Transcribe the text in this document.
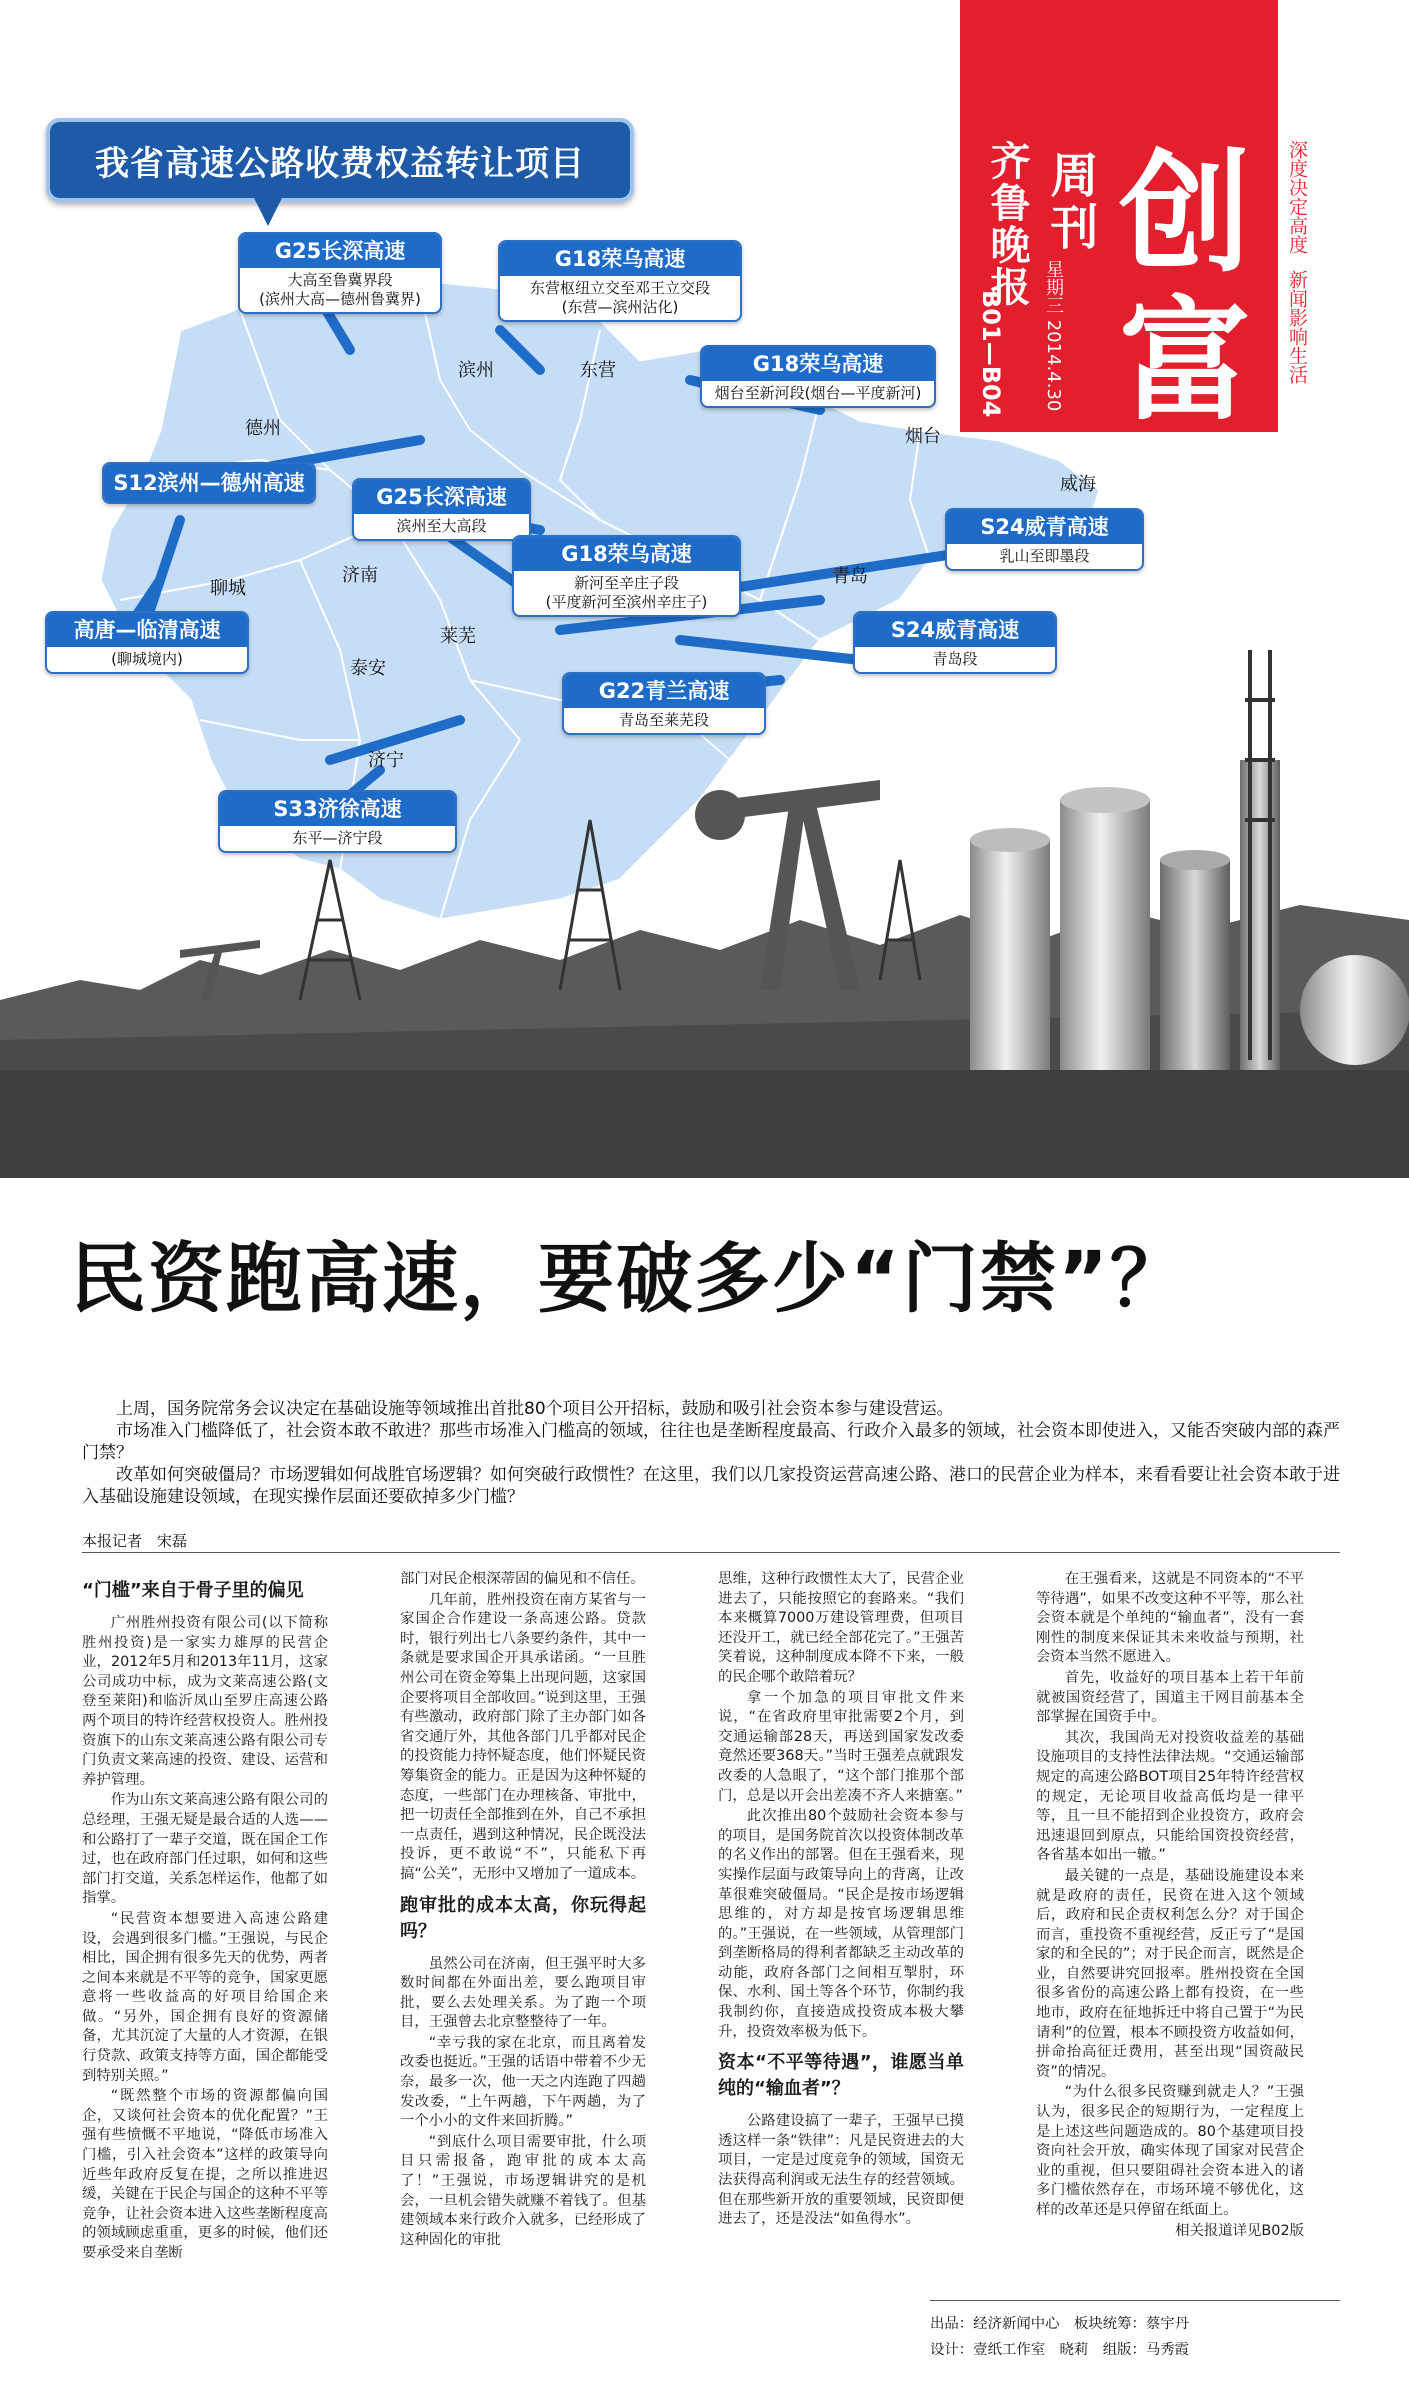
我省高速公路收费权益转让项目
G25长深高速
大高至鲁冀界段
(滨州大高—德州鲁冀界)
G18荣乌高速
东营枢纽立交至邓王立交段
(东营—滨州沾化)
G18荣乌高速
烟台至新河段(烟台—平度新河)
S12滨州—德州高速
G25长深高速
滨州至大高段
G18荣乌高速
新河至辛庄子段
(平度新河至滨州辛庄子)
S24威青高速
乳山至即墨段
高唐—临清高速
(聊城境内)
S24威青高速
青岛段
G22青兰高速
青岛至莱芜段
S33济徐高速
东平—济宁段
滨州	东营
德州	烟台
威海
聊城
济南	青岛
莱芜
泰安
济宁
齐鲁晚报
B01—B04
周刊
星期三 2014.4.30
创富
深度决定高度 新闻影响生活
民资跑高速，要破多少“门禁”？

上周，国务院常务会议决定在基础设施等领域推出首批80个项目公开招标，鼓励和吸引社会资本参与建设营运。

市场准入门槛降低了，社会资本敢不敢进？那些市场准入门槛高的领域，往往也是垄断程度最高、行政介入最多的领域，社会资本即使进入，又能否突破内部的森严门禁？

改革如何突破僵局？市场逻辑如何战胜官场逻辑？如何突破行政惯性？在这里，我们以几家投资运营高速公路、港口的民营企业为样本，来看看要让社会资本敢于进入基础设施建设领域，在现实操作层面还要砍掉多少门槛？

本报记者　宋磊
“门槛”来自于骨子里的偏见

广州胜州投资有限公司(以下简称胜州投资)是一家实力雄厚的民营企业，2012年5月和2013年11月，这家公司成功中标，成为文莱高速公路(文登至莱阳)和临沂凤山至罗庄高速公路两个项目的特许经营权投资人。胜州投资旗下的山东文莱高速公路有限公司专门负责文莱高速的投资、建设、运营和养护管理。

作为山东文莱高速公路有限公司的总经理，王强无疑是最合适的人选——和公路打了一辈子交道，既在国企工作过，也在政府部门任过职，如何和这些部门打交道，关系怎样运作，他都了如指掌。

“民营资本想要进入高速公路建设，会遇到很多门槛。”王强说，与民企相比，国企拥有很多先天的优势，两者之间本来就是不平等的竞争，国家更愿意将一些收益高的好项目给国企来做。“另外，国企拥有良好的资源储备，尤其沉淀了大量的人才资源，在银行贷款、政策支持等方面，国企都能受到特别关照。”

“既然整个市场的资源都偏向国企，又谈何社会资本的优化配置？”王强有些愤慨不平地说，“降低市场准入门槛，引入社会资本”这样的政策导向近些年政府反复在提，之所以推进迟缓，关键在于民企与国企的这种不平等竞争，让社会资本进入这些垄断程度高的领域顾虑重重，更多的时候，他们还要承受来自垄断

部门对民企根深蒂固的偏见和不信任。

几年前，胜州投资在南方某省与一家国企合作建设一条高速公路。贷款时，银行列出七八条要约条件，其中一条就是要求国企开具承诺函。“一旦胜州公司在资金筹集上出现问题，这家国企要将项目全部收回。”说到这里，王强有些激动，政府部门除了主办部门如各省交通厅外，其他各部门几乎都对民企的投资能力持怀疑态度，他们怀疑民资筹集资金的能力。正是因为这种怀疑的态度，一些部门在办理核备、审批中，把一切责任全部推到在外，自己不承担一点责任，遇到这种情况，民企既没法投诉，更不敢说“不”，只能私下再搞“公关”，无形中又增加了一道成本。

跑审批的成本太高，你玩得起吗？

虽然公司在济南，但王强平时大多数时间都在外面出差，要么跑项目审批，要么去处理关系。为了跑一个项目，王强曾去北京整整待了一年。

“幸亏我的家在北京，而且离着发改委也挺近。”王强的话语中带着不少无奈，最多一次，他一天之内连跑了四趟发改委，“上午两趟，下午两趟，为了一个小小的文件来回折腾。”

“到底什么项目需要审批，什么项目只需报备，跑审批的成本太高了！”王强说，市场逻辑讲究的是机会，一旦机会错失就赚不着钱了。但基建领域本来行政介入就多，已经形成了这种固化的审批

思维，这种行政惯性太大了，民营企业进去了，只能按照它的套路来。“我们本来概算7000万建设管理费，但项目还没开工，就已经全部花完了。”王强苦笑着说，这种制度成本降不下来，一般的民企哪个敢陪着玩？

拿一个加急的项目审批文件来说，“在省政府里审批需要2个月，到交通运输部28天，再送到国家发改委竟然还要368天。”当时王强差点就跟发改委的人急眼了，“这个部门推那个部门，总是以开会出差凑不齐人来搪塞。”

此次推出80个鼓励社会资本参与的项目，是国务院首次以投资体制改革的名义作出的部署。但在王强看来，现实操作层面与政策导向上的背离，让改革很难突破僵局。“民企是按市场逻辑思维的，对方却是按官场逻辑思维的。”王强说，在一些领域，从管理部门到垄断格局的得利者都缺乏主动改革的动能，政府各部门之间相互掣肘，环保、水利、国土等各个环节，你制约我我制约你，直接造成投资成本极大攀升，投资效率极为低下。

资本“不平等待遇”，谁愿当单纯的“输血者”？

公路建设搞了一辈子，王强早已摸透这样一条“铁律”：凡是民资进去的大项目，一定是过度竞争的领域，国资无法获得高利润或无法生存的经营领域。但在那些新开放的重要领域，民资即便进去了，还是没法“如鱼得水”。

在王强看来，这就是不同资本的“不平等待遇”，如果不改变这种不平等，那么社会资本就是个单纯的“输血者”，没有一套刚性的制度来保证其未来收益与预期，社会资本当然不愿进入。

首先，收益好的项目基本上若干年前就被国资经营了，国道主干网目前基本全部掌握在国资手中。

其次，我国尚无对投资收益差的基础设施项目的支持性法律法规。“交通运输部规定的高速公路BOT项目25年特许经营权的规定，无论项目收益高低均是一律平等，且一旦不能招到企业投资方，政府会迅速退回到原点，只能给国资投资经营，各省基本如出一辙。”

最关键的一点是，基础设施建设本来就是政府的责任，民资在进入这个领域后，政府和民企责权利怎么分？对于国企而言，重投资不重视经营，反正亏了“是国家的和全民的”；对于民企而言，既然是企业，自然要讲究回报率。胜州投资在全国很多省份的高速公路上都有投资，在一些地市，政府在征地拆迁中将自己置于“为民请利”的位置，根本不顾投资方收益如何，拼命抬高征迁费用，甚至出现“国资敲民资”的情况。

“为什么很多民资赚到就走人？”王强认为，很多民企的短期行为，一定程度上是上述这些问题造成的。80个基建项目投资向社会开放，确实体现了国家对民营企业的重视，但只要阻碍社会资本进入的诸多门槛依然存在，市场环境不够优化，这样的改革还是只停留在纸面上。

相关报道详见B02版
出品：经济新闻中心　板块统筹：蔡宇丹
设计：壹纸工作室　晓莉　组版：马秀霞
